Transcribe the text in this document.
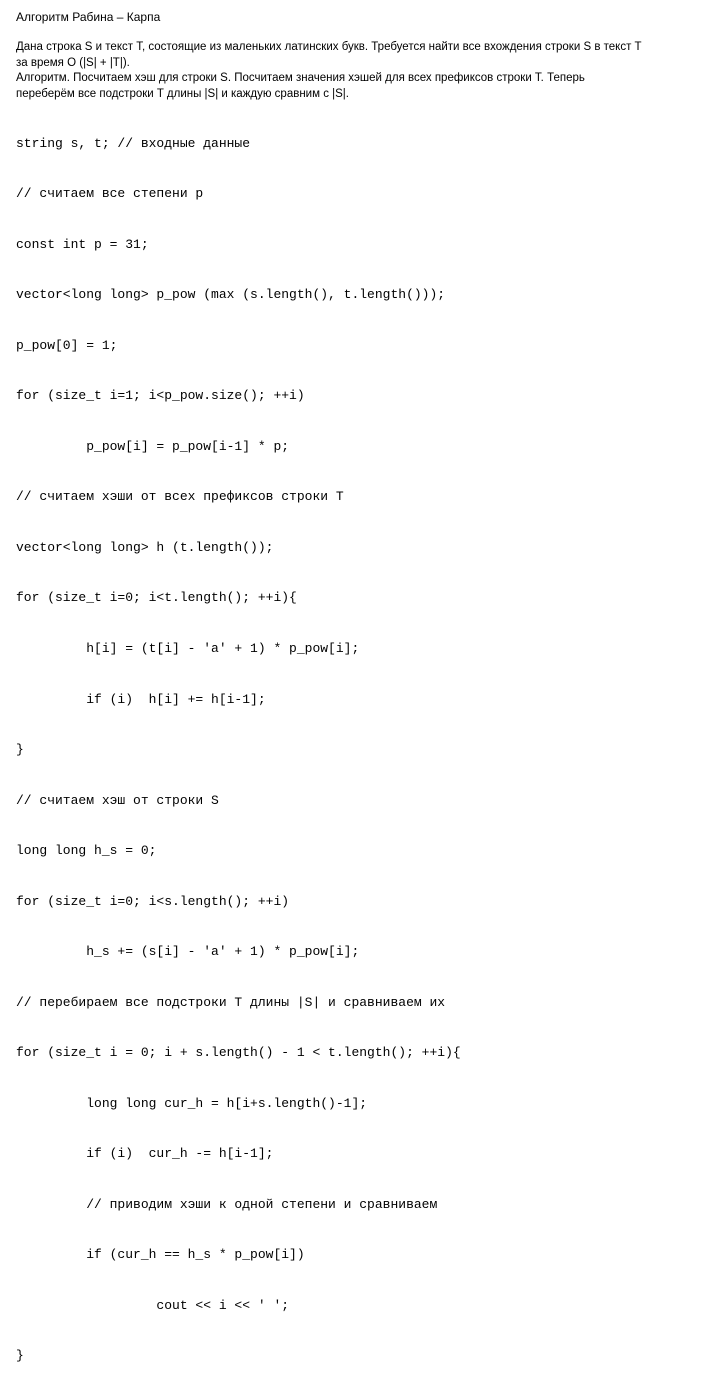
Алгоритм Рабина – Карпа
Дана строка S и текст T, состоящие из маленьких латинских букв. Требуется найти все вхождения строки S в текст T
за время O (|S| + |T|).
Алгоритм. Посчитаем хэш для строки S. Посчитаем значения хэшей для всех префиксов строки T. Теперь
переберём все подстроки T длины |S| и каждую сравним с |S|.

string s, t; // входные данные

// считаем все степени p

const int p = 31;

vector<long long> p_pow (max (s.length(), t.length()));

p_pow[0] = 1;

for (size_t i=1; i<p_pow.size(); ++i)

p_pow[i] = p_pow[i-1] * p;

// считаем хэши от всех префиксов строки T

vector<long long> h (t.length());

for (size_t i=0; i<t.length(); ++i){

h[i] = (t[i] - 'a' + 1) * p_pow[i];

if (i)  h[i] += h[i-1];

}

// считаем хэш от строки S

long long h_s = 0;

for (size_t i=0; i<s.length(); ++i)

h_s += (s[i] - 'a' + 1) * p_pow[i];

// перебираем все подстроки T длины |S| и сравниваем их

for (size_t i = 0; i + s.length() - 1 < t.length(); ++i){

long long cur_h = h[i+s.length()-1];

if (i)  cur_h -= h[i-1];

// приводим хэши к одной степени и сравниваем

if (cur_h == h_s * p_pow[i])

cout << i << ' ';

}
